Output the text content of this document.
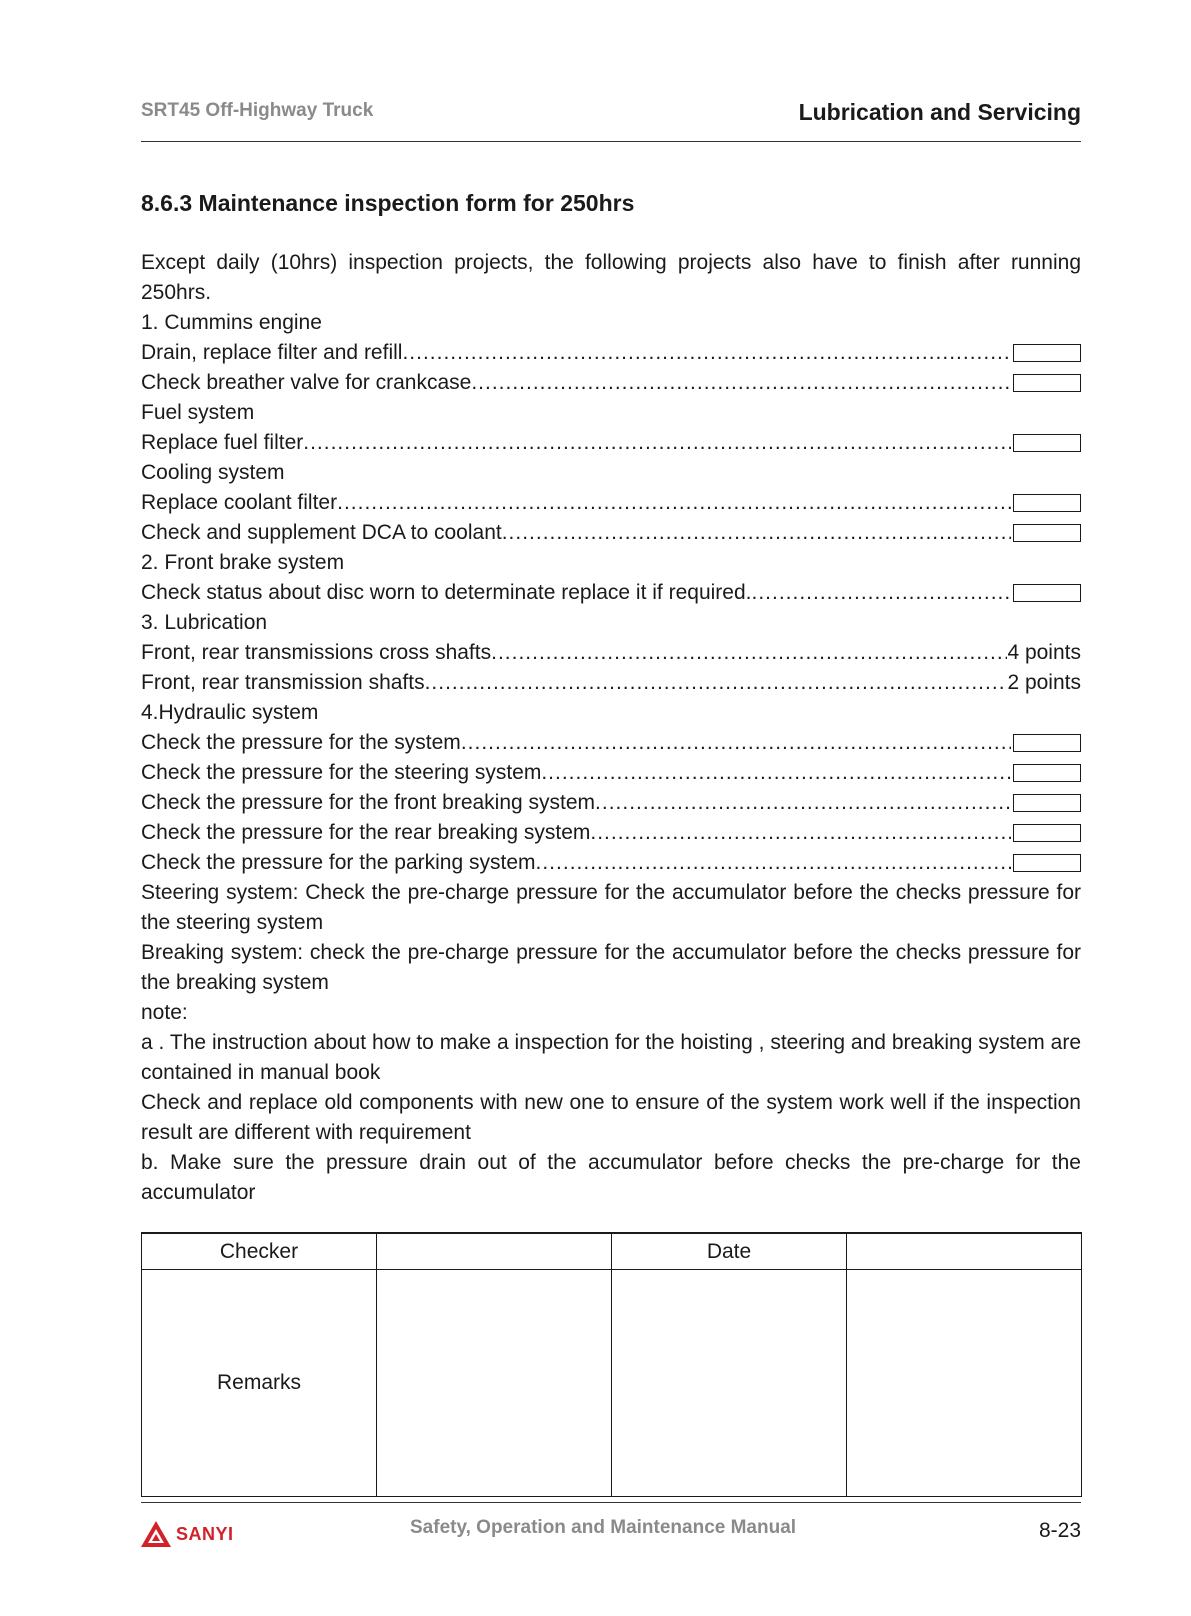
SRT45 Off-Highway Truck	Lubrication and Servicing
8.6.3 Maintenance inspection form for 250hrs
Except daily (10hrs) inspection projects, the following projects also have to finish after running 250hrs.
1. Cummins engine
Drain, replace filter and refill
.....
Check breather valve for crankcase
.....
Fuel system
Replace fuel filter
.....
Cooling system
Replace coolant filter
.....
Check and supplement DCA to coolant
.....
2. Front brake system
Check status about disc worn to determinate replace it if required.
.....
3. Lubrication
Front, rear transmissions cross shafts .....	4 points
Front, rear transmission shafts .....	2 points
4.Hydraulic system
Check the pressure for the system
.....
Check the pressure for the steering system
.....
Check the pressure for the front breaking system
.....
Check the pressure for the rear breaking system
.....
Check the pressure for the parking system
.....
Steering system: Check the pre-charge pressure for the accumulator before the checks pressure for the steering system
Breaking system: check the pre-charge pressure for the accumulator before the checks pressure for the breaking system
note:
a . The instruction about how to make a inspection for the hoisting , steering and breaking system are contained in manual book
Check and replace old components with new one to ensure of the system work well if the inspection result are different with requirement
b. Make sure the pressure drain out of the accumulator before checks the pre-charge for the accumulator
Checker		Date	
Remarks			
SANYI	Safety, Operation and Maintenance Manual	8-23
